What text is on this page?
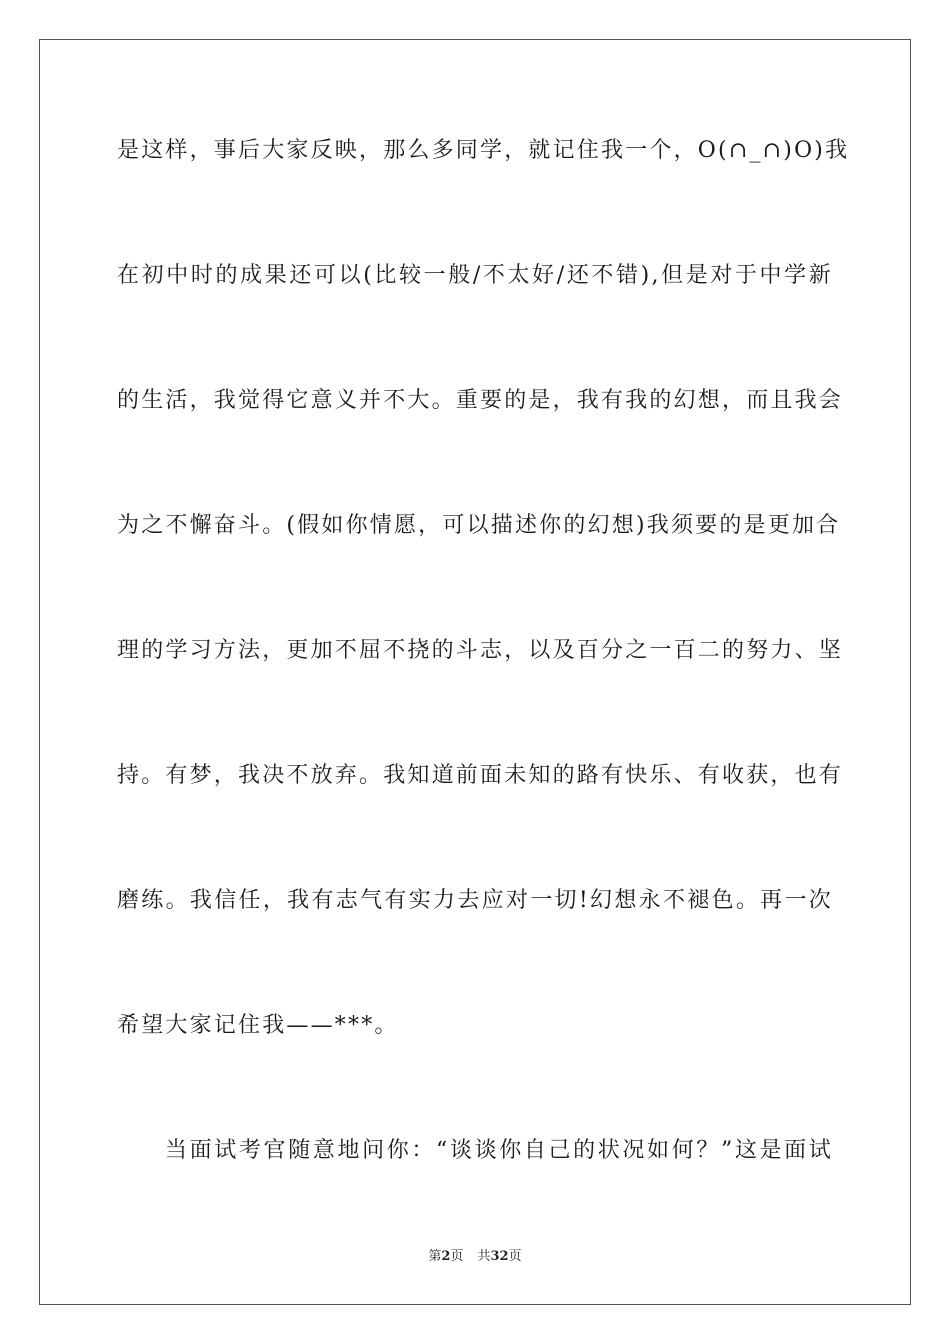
是这样，事后大家反映，那么多同学，就记住我一个，O(∩_∩)O)我
在初中时的成果还可以(比较一般/不太好/还不错),但是对于中学新
的生活，我觉得它意义并不大。重要的是，我有我的幻想，而且我会
为之不懈奋斗。(假如你情愿，可以描述你的幻想)我须要的是更加合
理的学习方法，更加不屈不挠的斗志，以及百分之一百二的努力、坚
持。有梦，我决不放弃。我知道前面未知的路有快乐、有收获，也有
磨练。我信任，我有志气有实力去应对一切!幻想永不褪色。再一次
希望大家记住我——***。
当面试考官随意地问你：“谈谈你自己的状况如何？”这是面试
第2页 共32页
